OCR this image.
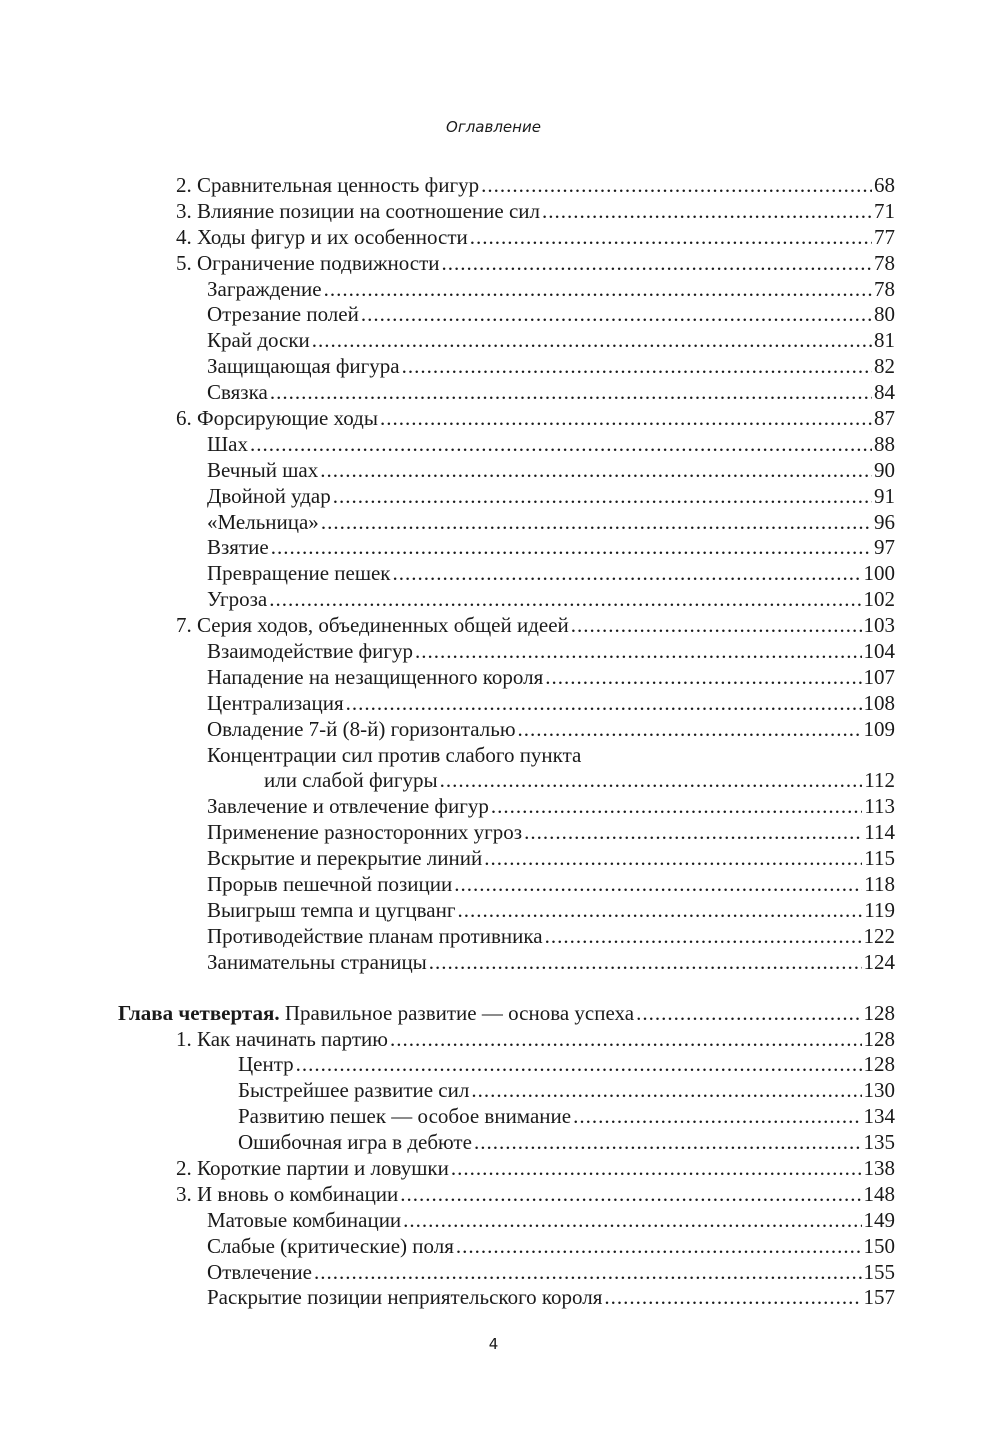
Оглавление
2. Сравнительная ценность фигур .....	68
3. Влияние позиции на соотношение сил .....	71
4. Ходы фигур и их особенности .....	77
5. Ограничение подвижности .....	78
Заграждение .....	78
Отрезание полей .....	80
Край доски .....	81
Защищающая фигура .....	82
Связка .....	84
6. Форсирующие ходы .....	87
Шах .....	88
Вечный шах .....	90
Двойной удар .....	91
«Мельница» .....	96
Взятие .....	97
Превращение пешек .....	100
Угроза .....	102
7. Серия ходов, объединенных общей идеей .....	103
Взаимодействие фигур .....	104
Нападение на незащищенного короля .....	107
Централизация .....	108
Овладение 7-й (8-й) горизонталью .....	109
Концентрации сил против слабого пункта
или слабой фигуры .....	112
Завлечение и отвлечение фигур .....	113
Применение разносторонних угроз .....	114
Вскрытие и перекрытие линий .....	115
Прорыв пешечной позиции .....	118
Выигрыш темпа и цугцванг .....	119
Противодействие планам противника .....	122
Занимательны страницы .....	124
Глава четвертая. Правильное развитие — основа успеха .....	128
1. Как начинать партию .....	128
Центр .....	128
Быстрейшее развитие сил .....	130
Развитию пешек — особое внимание .....	134
Ошибочная игра в дебюте .....	135
2. Короткие партии и ловушки .....	138
3. И вновь о комбинации .....	148
Матовые комбинации .....	149
Слабые (критические) поля .....	150
Отвлечение .....	155
Раскрытие позиции неприятельского короля .....	157
4
